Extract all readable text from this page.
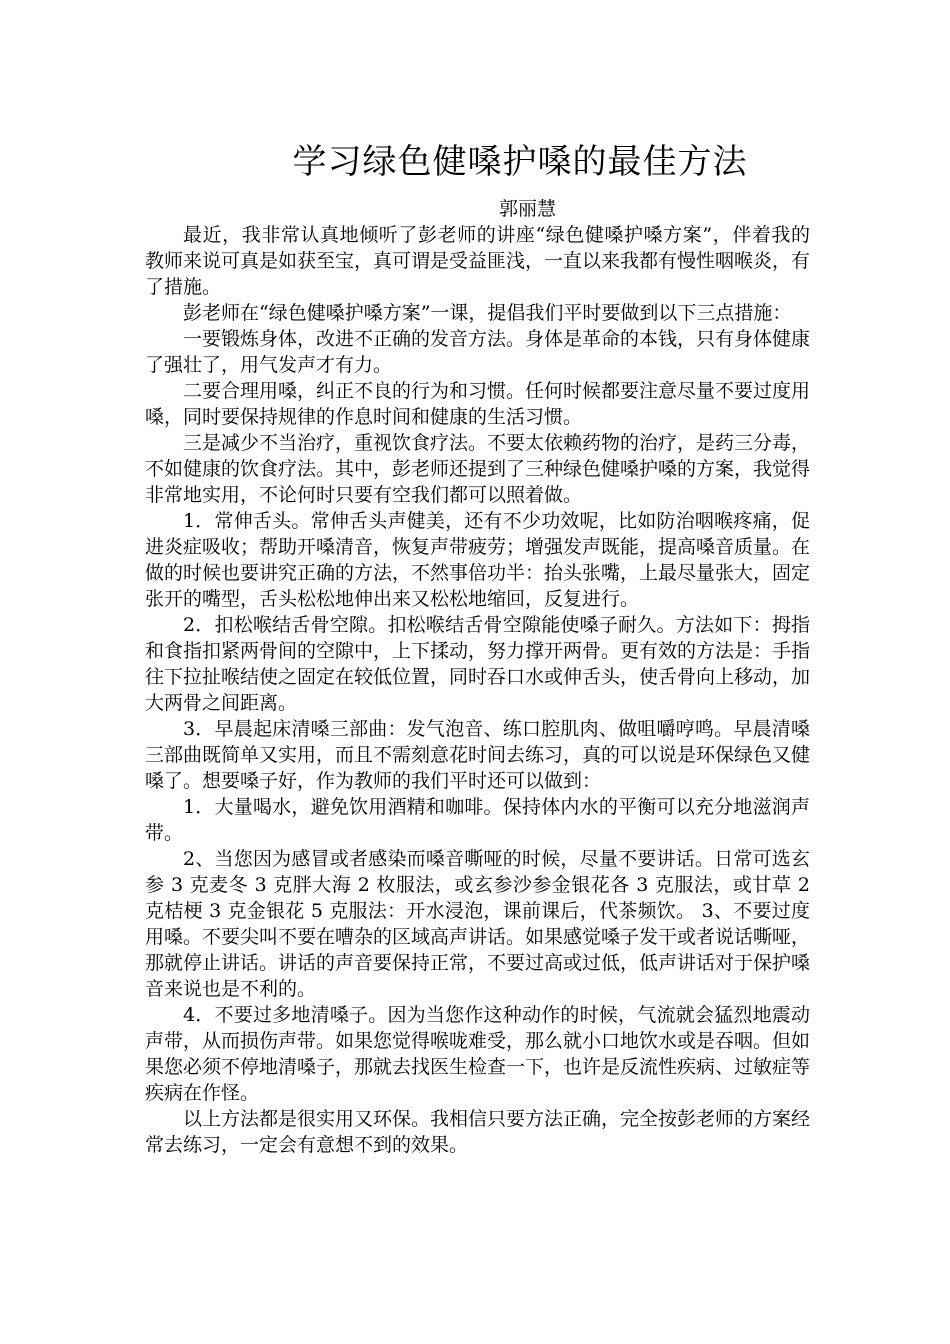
学习绿色健嗓护嗓的最佳方法
郭丽慧

最近，我非常认真地倾听了彭老师的讲座“绿色健嗓护嗓方案”，伴着我的教师来说可真是如获至宝，真可谓是受益匪浅，一直以来我都有慢性咽喉炎，有了措施。

彭老师在“绿色健嗓护嗓方案”一课，提倡我们平时要做到以下三点措施：

一要锻炼身体，改进不正确的发音方法。身体是革命的本钱，只有身体健康了强壮了，用气发声才有力。

二要合理用嗓，纠正不良的行为和习惯。任何时候都要注意尽量不要过度用嗓，同时要保持规律的作息时间和健康的生活习惯。

三是减少不当治疗，重视饮食疗法。不要太依赖药物的治疗，是药三分毒，不如健康的饮食疗法。其中，彭老师还提到了三种绿色健嗓护嗓的方案，我觉得非常地实用，不论何时只要有空我们都可以照着做。

1．常伸舌头。常伸舌头声健美，还有不少功效呢，比如防治咽喉疼痛，促进炎症吸收；帮助开嗓清音，恢复声带疲劳；增强发声既能，提高嗓音质量。在做的时候也要讲究正确的方法，不然事倍功半：抬头张嘴，上最尽量张大，固定张开的嘴型，舌头松松地伸出来又松松地缩回，反复进行。

2．扣松喉结舌骨空隙。扣松喉结舌骨空隙能使嗓子耐久。方法如下：拇指和食指扣紧两骨间的空隙中，上下揉动，努力撑开两骨。更有效的方法是：手指往下拉扯喉结使之固定在较低位置，同时吞口水或伸舌头，使舌骨向上移动，加大两骨之间距离。

3．早晨起床清嗓三部曲：发气泡音、练口腔肌肉、做咀嚼哼鸣。早晨清嗓三部曲既简单又实用，而且不需刻意花时间去练习，真的可以说是环保绿色又健嗓了。想要嗓子好，作为教师的我们平时还可以做到：

1．大量喝水，避免饮用酒精和咖啡。保持体内水的平衡可以充分地滋润声带。

2、当您因为感冒或者感染而嗓音嘶哑的时候，尽量不要讲话。日常可选玄参 3 克麦冬 3 克胖大海 2 枚服法，或玄参沙参金银花各 3 克服法，或甘草 2 克桔梗 3 克金银花 5 克服法：开水浸泡，课前课后，代茶频饮。 3、不要过度用嗓。不要尖叫不要在嘈杂的区域高声讲话。如果感觉嗓子发干或者说话嘶哑，那就停止讲话。讲话的声音要保持正常，不要过高或过低，低声讲话对于保护嗓音来说也是不利的。

4．不要过多地清嗓子。因为当您作这种动作的时候，气流就会猛烈地震动声带，从而损伤声带。如果您觉得喉咙难受，那么就小口地饮水或是吞咽。但如果您必须不停地清嗓子，那就去找医生检查一下，也许是反流性疾病、过敏症等疾病在作怪。

以上方法都是很实用又环保。我相信只要方法正确，完全按彭老师的方案经常去练习，一定会有意想不到的效果。
